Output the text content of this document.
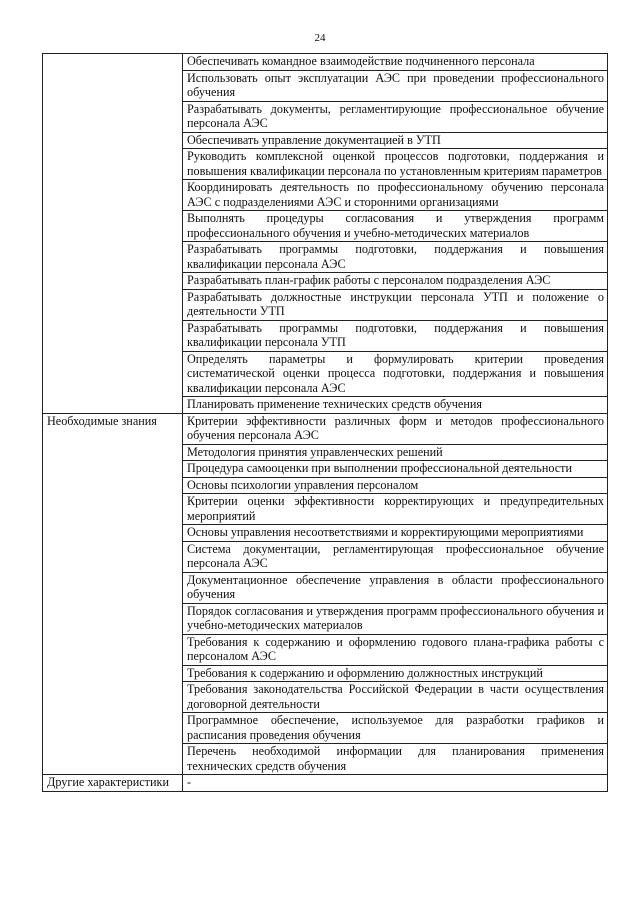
24
	Обеспечивать командное взаимодействие подчиненного персонала
	Использовать опыт эксплуатации АЭС при проведении профессионального обучения
	Разрабатывать документы, регламентирующие профессиональное обучение персонала АЭС
	Обеспечивать управление документацией в УТП
	Руководить комплексной оценкой процессов подготовки, поддержания и повышения квалификации персонала по установленным критериям параметров
	Координировать деятельность по профессиональному обучению персонала АЭС с подразделениями АЭС и сторонними организациями
	Выполнять процедуры согласования и утверждения программ профессионального обучения и учебно-методических материалов
	Разрабатывать программы подготовки, поддержания и повышения квалификации персонала АЭС
	Разрабатывать план-график работы с персоналом подразделения АЭС
	Разрабатывать должностные инструкции персонала УТП и положение о деятельности УТП
	Разрабатывать программы подготовки, поддержания и повышения квалификации персонала УТП
	Определять параметры и формулировать критерии проведения систематической оценки процесса подготовки, поддержания и повышения квалификации персонала АЭС
	Планировать применение технических средств обучения
Необходимые знания	Критерии эффективности различных форм и методов профессионального обучения персонала АЭС
	Методология принятия управленческих решений
	Процедура самооценки при выполнении профессиональной деятельности
	Основы психологии управления персоналом
	Критерии оценки эффективности корректирующих и предупредительных мероприятий
	Основы управления несоответствиями и корректирующими мероприятиями
	Система документации, регламентирующая профессиональное обучение персонала АЭС
	Документационное обеспечение управления в области профессионального обучения
	Порядок согласования и утверждения программ профессионального обучения и учебно-методических материалов
	Требования к содержанию и оформлению годового плана-графика работы с персоналом АЭС
	Требования к содержанию и оформлению должностных инструкций
	Требования законодательства Российской Федерации в части осуществления договорной деятельности
	Программное обеспечение, используемое для разработки графиков и расписания проведения обучения
	Перечень необходимой информации для планирования применения технических средств обучения
Другие характеристики	-
